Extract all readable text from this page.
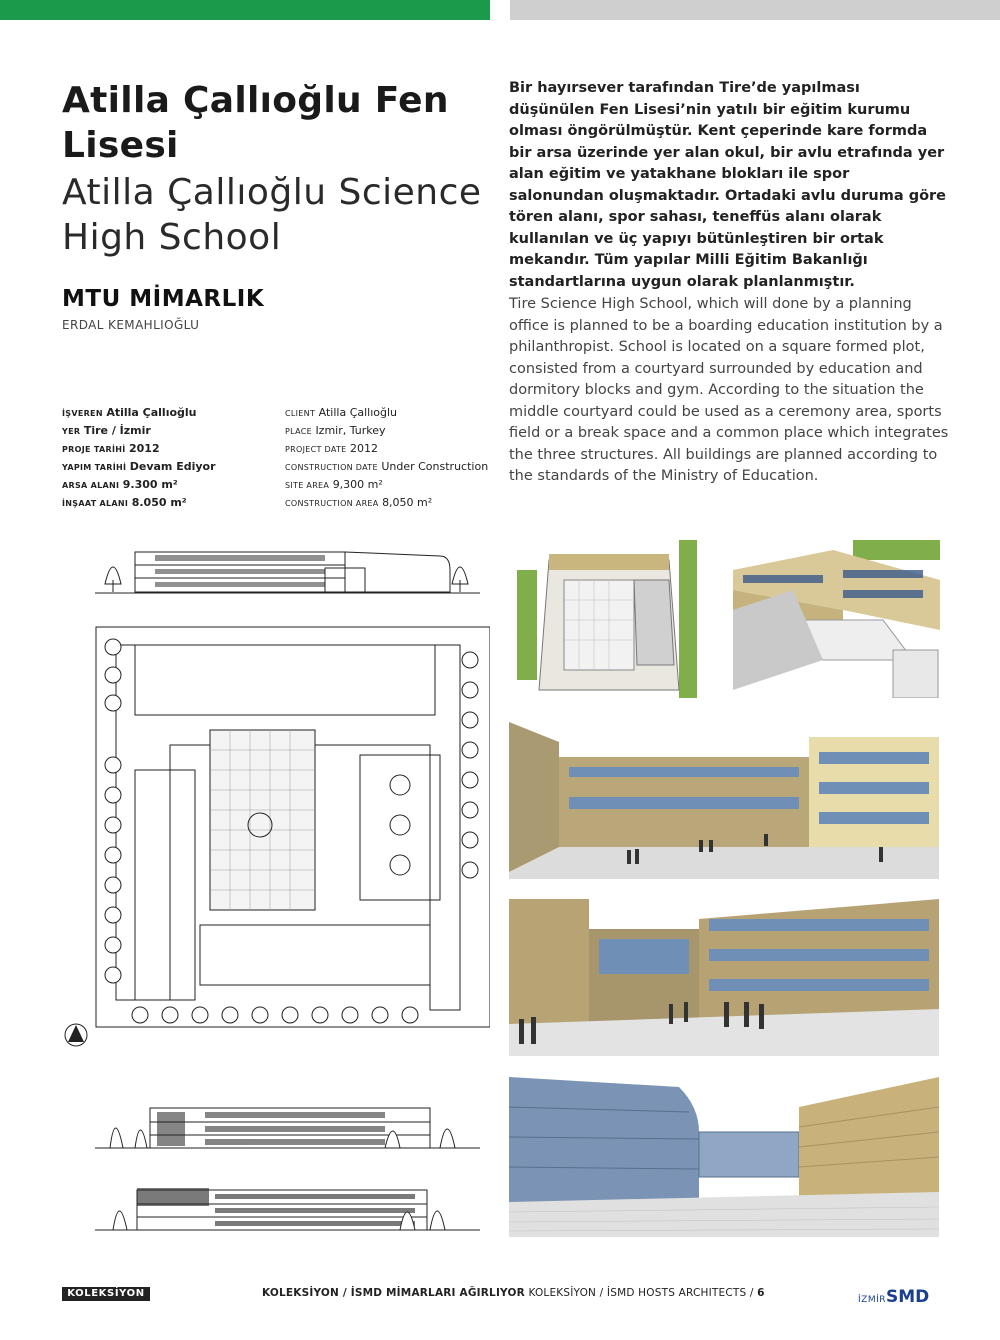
Atilla Çallıoğlu Fen Lisesi
Atilla Çallıoğlu Science High School
MTU MİMARLIK
ERDAL KEMAHLIOĞLU
İŞVEREN Atilla Çallıoğlu
YER Tire / İzmir
PROJE TARİHİ 2012
YAPIM TARİHİ Devam Ediyor
ARSA ALANI 9.300 m²
İNŞAAT ALANI 8.050 m²
CLIENT Atilla Çallıoğlu
PLACE Izmir, Turkey
PROJECT DATE 2012
CONSTRUCTION DATE Under Construction
SITE AREA 9,300 m²
CONSTRUCTION AREA 8,050 m²
Bir hayırsever tarafından Tire’de yapılması düşünülen Fen Lisesi’nin yatılı bir eğitim kurumu olması öngörülmüştür. Kent çeperinde kare formda bir arsa üzerinde yer alan okul, bir avlu etrafında yer alan eğitim ve yatakhane blokları ile spor salonundan oluşmaktadır. Ortadaki avlu duruma göre tören alanı, spor sahası, teneffüs alanı olarak kullanılan ve üç yapıyı bütünleştiren bir ortak mekandır. Tüm yapılar Milli Eğitim Bakanlığı standartlarına uygun olarak planlanmıştır.
Tire Science High School, which will done by a planning office is planned to be a boarding education institution by a philanthropist. School is located on a square formed plot, consisted from a courtyard surrounded by education and dormitory blocks and gym. According to the situation the middle courtyard could be used as a ceremony area, sports field or a break space and a common place which integrates the three structures. All buildings are planned according to the standards of the Ministry of Education.
KOLEKSİYON	KOLEKSİYON / İSMD MİMARLARI AĞIRLIYOR KOLEKSİYON / İSMD HOSTS ARCHITECTS / 6
İZMİRSMD
